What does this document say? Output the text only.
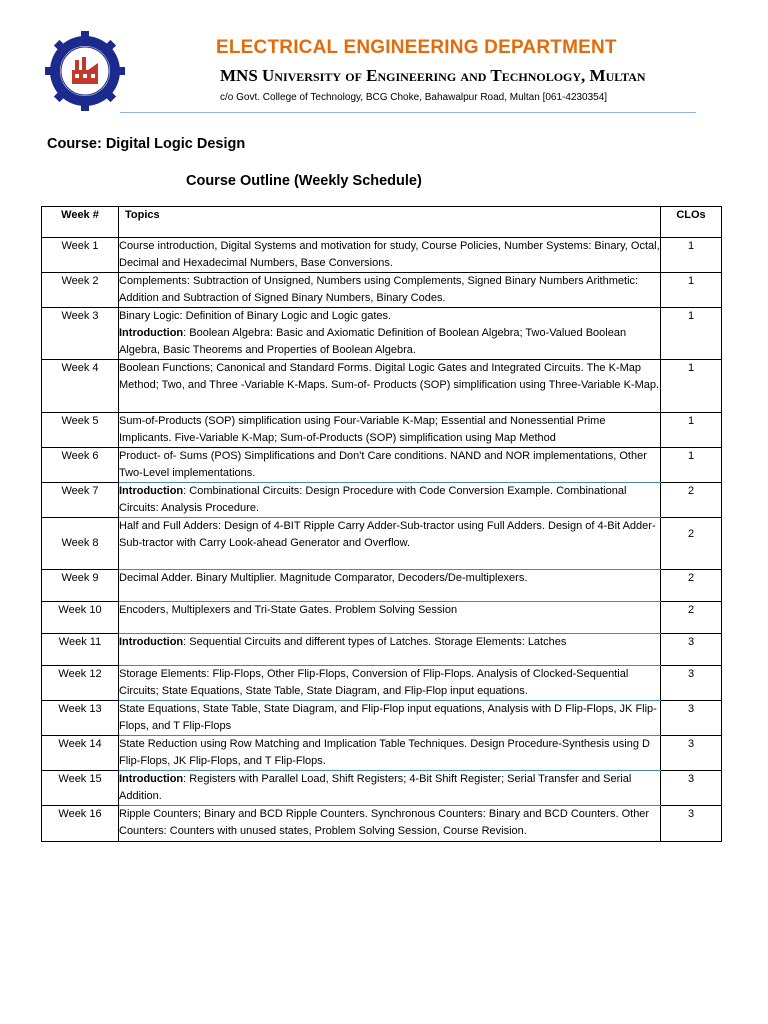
ELECTRICAL ENGINEERING DEPARTMENT
MNS University of Engineering and Technology, Multan
c/o Govt. College of Technology, BCG Choke, Bahawalpur Road, Multan [061-4230354]
Course: Digital Logic Design
Course Outline (Weekly Schedule)
Week #	Topics	CLOs
Week 1	Course introduction, Digital Systems and motivation for study, Course Policies, Number Systems: Binary, Octal, Decimal and Hexadecimal Numbers, Base Conversions.	1
Week 2	Complements: Subtraction of Unsigned, Numbers using Complements, Signed Binary Numbers Arithmetic: Addition and Subtraction of Signed Binary Numbers, Binary Codes.	1
Week 3	Binary Logic: Definition of Binary Logic and Logic gates.
Introduction: Boolean Algebra: Basic and Axiomatic Definition of Boolean Algebra; Two-Valued Boolean Algebra, Basic Theorems and Properties of Boolean Algebra.	1
Week 4	Boolean Functions; Canonical and Standard Forms. Digital Logic Gates and Integrated Circuits. The K-Map Method; Two, and Three -Variable K-Maps. Sum-of- Products (SOP) simplification using Three-Variable K-Map.	1
Week 5	Sum-of-Products (SOP) simplification using Four-Variable K-Map; Essential and Nonessential Prime Implicants. Five-Variable K-Map; Sum-of-Products (SOP) simplification using Map Method	1
Week 6	Product- of- Sums (POS) Simplifications and Don't Care conditions. NAND and NOR implementations, Other Two-Level implementations.	1
Week 7	Introduction: Combinational Circuits: Design Procedure with Code Conversion Example. Combinational Circuits: Analysis Procedure.	2
Week 8	Half and Full Adders: Design of 4-BIT Ripple Carry Adder-Sub-tractor using Full Adders. Design of 4-Bit Adder-Sub-tractor with Carry Look-ahead Generator and Overflow.	2
Week 9	Decimal Adder. Binary Multiplier. Magnitude Comparator, Decoders/De-multiplexers.	2
Week 10	Encoders, Multiplexers and Tri-State Gates. Problem Solving Session	2
Week 11	Introduction: Sequential Circuits and different types of Latches. Storage Elements: Latches	3
Week 12	Storage Elements: Flip-Flops, Other Flip-Flops, Conversion of Flip-Flops. Analysis of Clocked-Sequential Circuits; State Equations, State Table, State Diagram, and Flip-Flop input equations.	3
Week 13	State Equations, State Table, State Diagram, and Flip-Flop input equations, Analysis with D Flip-Flops, JK Flip-Flops, and T Flip-Flops	3
Week 14	State Reduction using Row Matching and Implication Table Techniques. Design Procedure-Synthesis using D Flip-Flops, JK Flip-Flops, and T Flip-Flops.	3
Week 15	Introduction: Registers with Parallel Load, Shift Registers; 4-Bit Shift Register; Serial Transfer and Serial Addition.	3
Week 16	Ripple Counters; Binary and BCD Ripple Counters. Synchronous Counters: Binary and BCD Counters. Other Counters: Counters with unused states, Problem Solving Session, Course Revision.	3
